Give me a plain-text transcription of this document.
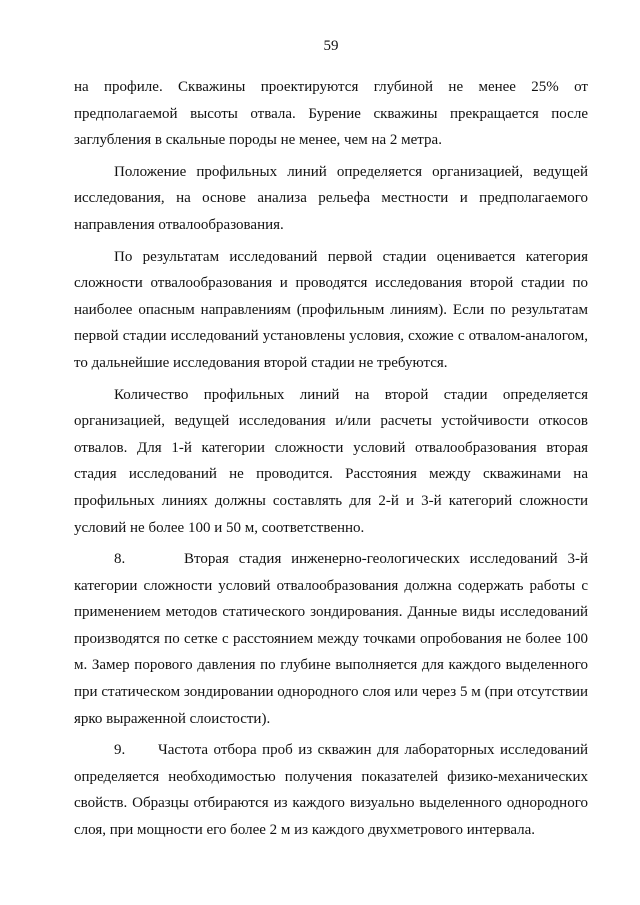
59

на профиле. Скважины проектируются глубиной не менее 25% от предполагаемой высоты отвала. Бурение скважины прекращается после заглубления в скальные породы не менее, чем на 2 метра.

Положение профильных линий определяется организацией, ведущей исследования, на основе анализа рельефа местности и предполагаемого направления отвалообразования.

По результатам исследований первой стадии оценивается категория сложности отвалообразования и проводятся исследования второй стадии по наиболее опасным направлениям (профильным линиям). Если по результатам первой стадии исследований установлены условия, схожие с отвалом-аналогом, то дальнейшие исследования второй стадии не требуются.

Количество профильных линий на второй стадии определяется организацией, ведущей исследования и/или расчеты устойчивости откосов отвалов. Для 1-й категории сложности условий отвалообразования вторая стадия исследований не проводится. Расстояния между скважинами на профильных линиях должны составлять для 2-й и 3-й категорий сложности условий не более 100 и 50 м, соответственно.

8.      Вторая стадия инженерно-геологических исследований 3-й категории сложности условий отвалообразования должна содержать работы с применением методов статического зондирования. Данные виды исследований производятся по сетке с расстоянием между точками опробования не более 100 м. Замер порового давления по глубине выполняется для каждого выделенного при статическом зондировании однородного слоя или через 5 м (при отсутствии ярко выраженной слоистости).

9.      Частота отбора проб из скважин для лабораторных исследований определяется необходимостью получения показателей физико-механических свойств. Образцы отбираются из каждого визуально выделенного однородного слоя, при мощности его более 2 м из каждого двухметрового интервала.
